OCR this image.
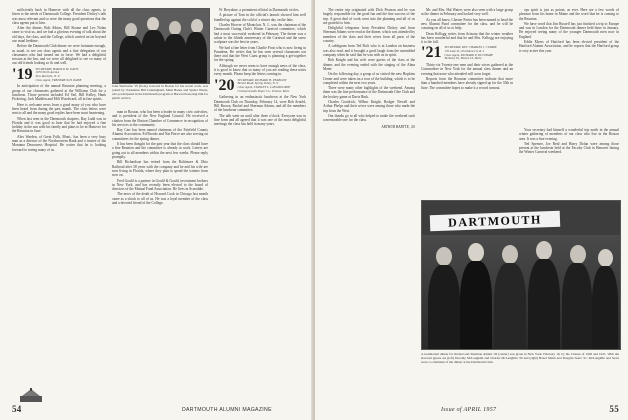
sufficiently back in Hanover with all the class agents, to listen to the needs of Dartmouth College. President Dickey's talk was most relevant and so were the many good questions that the class agents put to him.

After the dinner, Bob Atkins, Bill Sloane and Leo Nolan came to visit us, and we had a glorious evening of talk about the old days, the class, and the College, which carried on far beyond our usual bedtime.

Before the Dartmouth Club dinner we were fortunate enough, as usual, to see our class agents and a fine delegation of our classmates who had turned out in force. We had a delightful session at the Inn, and we were all delighted to see so many of our old friends looking so fit and well.

'19 SECRETARY, HAROLD M. DAVIS
1079 North Avenue
New Rochelle, N. Y.
Class Agent, FREDERICK H. PAINE

In anticipation of the annual Reunion planning meeting, a group of our classmates gathered at the Williams Club for a luncheon. Those present included Ed Vail, Bill Kelley, Hank Pickering, Jack Madden and Milt Woodward, all in fine spirits.

Here is welcome news from a good many of you who have been heard from during the past month. The class letters were sent to all and the many good replies have been most heartening.

When last seen in the Dartmouth chapters, Ray Ladd was in Florida and it was good to hear that he had enjoyed a fine holiday in the sun with his family and plans to be in Hanover for the Reunion in June.

Alex Warden, of Great Falls, Mont., has been a very busy man as a director of the Northwestern Bank and a trustee of the Montana Deaconess Hospital. He writes that he is looking forward to seeing many of us.

John Sherburne '19 (front), honored in Boston for his recent work, was joined by classmates Bill Cunningham, Mark Hanes and Spider Wentz, who participated in the Dartmouth program at Harvard honoring him for public service.

man in Boston, who has been a leader in many civic activities, and is president of the New England Council. He received a citation from the Boston Chamber of Commerce in recognition of his services to the community.

Ray Carr has been named chairman of the Fairfield County Alumni Association. Ed Brooks and Nat Pierce are also serving on committees for the spring dinner.

It has been thought for the past year that the class should have a fine Reunion and the committee is already at work. Letters are going out to all members within the next few weeks. Please reply promptly.

Bill Richardson has retired from the Baltimore & Ohio Railroad after 38 years with the company and he and his wife are now living in Florida, where they plan to spend the winters from now on.

Fred Gould is a partner in Gould & Gould, investment brokers in New York, and has recently been elected to the board of directors of the Mutual Fund Association. He lives in Scarsdale.

The news of the death of Howard Cook in Chicago last month came as a shock to all of us. He was a loyal member of the class and a devoted friend of the College.

W. Breyahue, a prominent official in Dartmouth circles.

A picture of Tom in the official's launch showed him well bundled up against the cold of a winter day on the lake.

Charles Hoover of Montclair, N. J., was the chairman of the Dartmouth Outing Club's Winter Carnival committee, which had a most successful weekend in February. The theme was a salute to the fiftieth anniversary of the Carnival and the snow sculpture was the best in years.

We had a fine letter from Charlie Frost who is now living in Pasadena. He writes that he has seen several classmates out there and that the West Coast group is planning a get-together for the spring.

Although we never seem to have enough news of the class, it is good to know that so many of you are reading these notes every month. Please keep the letters coming in.

'20 SECRETARY, RICHARD H. PEABODY
Bristol Road, Spring Valley, N. Y.
Class Agent, STANLEY L. LANGBOURNE
Commonwealth Paper Co., Ventnor, Mich.

Gathering in an enthusiastic luncheon at the New York Dartmouth Club on Thursday, February 14, were Bob Arnold, Bill Brown, Rachel and Sherman Adams, and all the members of the luncheon committee.

The talk went on until after three o'clock. Everyone was in fine form and all agreed that it was one of the most delightful meetings the class has held in many years.

54	DARTMOUTH ALUMNI MAGAZINE

The entire trip originated with Dick Pearson and he was largely responsible for the good fun and the fine success of the trip. A great deal of work went into the planning and all of us are grateful to him.

Delightful telegrams from President Dickey and from Sherman Adams were read at the dinner, which was attended by members of the class and their wives from all parts of the country.

A cablegram from Ted Rich who is in London on business was also read, and it brought a good laugh from the assembled company when he said that he was with us in spirit.

Bob Knight and his wife were guests of the class at the dinner, and the evening ended with the singing of the Alma Mater.

On the following day, a group of us visited the new Hopkins Center and were taken on a tour of the building, which is to be completed within the next two years.

There were many other highlights of the weekend. Among them was the fine performance of the Dartmouth Glee Club and the hockey game at Davis Rink.

Charles Goodrich, Wilbur Knight, Rodger Newell and Arthur Phelps and their wives were among those who made the trip from the West.

Our thanks go to all who helped to make the weekend such a memorable one for the class.

ARTHUR BARTTE, '20

Mr. and Mrs. Hal Waters were also seen with a large group at the dinner in February and looked very well.

As you all know, Chester Porter has been named to head the new Alumni Fund committee for the class, and he will be counting on all of us to help.

Dean Kellogg writes from Arizona that the winter weather has been wonderful and that he and Mrs. Kellogg are enjoying it to the full.

'21 SECRETARY, REV. CHARLES J. CURRIE
176 Lake St., Providence 6, R. I.
Class Agent, RICHARD P. DUCHAMP
Berkeley 81, Boston 16, Mass.

Thirty-six Twenty-one men and their wives gathered at the Commodore in New York for the annual class dinner and an evening that none who attended will soon forget.

Reports from the Reunion committee indicate that more than a hundred members have already signed up for the 35th in June. The committee hopes to make it a record turnout.

ops spirit is just as potent, as ever. Here are a few words of pleasure from his home in Maine and the word that he is coming to the Reunion.

We have word that Jim Russell has just finished a trip to Europe and was in London for the Dartmouth dinner held there in January. He enjoyed seeing many of the younger Dartmouth men now in England.

Eddie Myers of Hartford has been elected president of the Hartford Alumni Association, and he reports that the Hartford group is very active this year.

DARTMOUTH

Your secretary had himself a wonderful trip north in the annual winter gathering of members of our class who live in the Boston area. It was a fine evening.

Ted Spenser, Joe Reid and Harry Dolan were among those present at the luncheon held at the Faculty Club in Hanover during the Winter Carnival weekend.

A testimonial dinner for Rachel and Sherman Adams '20 (center) was given in New York, February 16, by the Classes of 1920 and 1921. With the honored guests are (left) Dorothy McLaughlin and Charles McLaughlin '20 and (right) Hazel Smith and Douglas Sears '21. McLaughlin and Sears were co-chairmen of the dinner at the Dartmouth Club.
Issue of APRIL 1957	55
